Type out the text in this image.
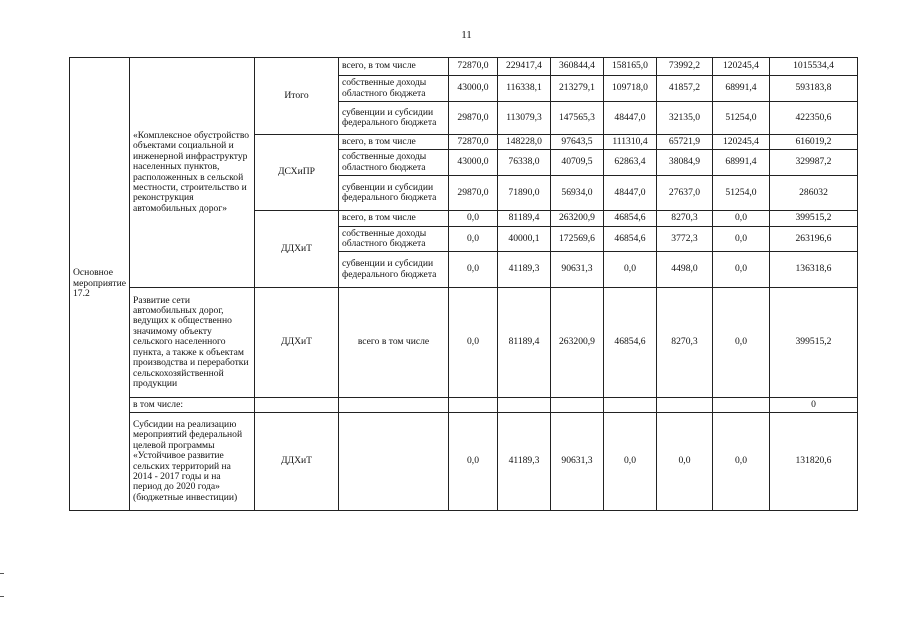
11
Основное мероприятие 17.2	«Комплексное обустройство объектами социальной и инженерной инфраструктур населенных пунктов, расположенных в сельской местности, строительство и реконструкция автомобильных дорог»	Итого	всего, в том числе	72870,0	229417,4	360844,4	158165,0	73992,2	120245,4	1015534,4
			собственные доходы областного бюджета	43000,0	116338,1	213279,1	109718,0	41857,2	68991,4	593183,8
			субвенции и субсидии федерального бюджета	29870,0	113079,3	147565,3	48447,0	32135,0	51254,0	422350,6
		ДСХиПР	всего, в том числе	72870,0	148228,0	97643,5	111310,4	65721,9	120245,4	616019,2
			собственные доходы областного бюджета	43000,0	76338,0	40709,5	62863,4	38084,9	68991,4	329987,2
			субвенции и субсидии федерального бюджета	29870,0	71890,0	56934,0	48447,0	27637,0	51254,0	286032
		ДДХиТ	всего, в том числе	0,0	81189,4	263200,9	46854,6	8270,3	0,0	399515,2
			собственные доходы областного бюджета	0,0	40000,1	172569,6	46854,6	3772,3	0,0	263196,6
			субвенции и субсидии федерального бюджета	0,0	41189,3	90631,3	0,0	4498,0	0,0	136318,6
	Развитие сети автомобильных дорог, ведущих к общественно значимому объекту сельского населенного пункта, а также к объектам производства и переработки сельскохозяйственной продукции	ДДХиТ	всего в том числе	0,0	81189,4	263200,9	46854,6	8270,3	0,0	399515,2
	в том числе:									0
	Субсидии на реализацию мероприятий федеральной целевой программы «Устойчивое развитие сельских территорий на 2014 - 2017 годы и на период до 2020 года» (бюджетные инвестиции)	ДДХиТ		0,0	41189,3	90631,3	0,0	0,0	0,0	131820,6
